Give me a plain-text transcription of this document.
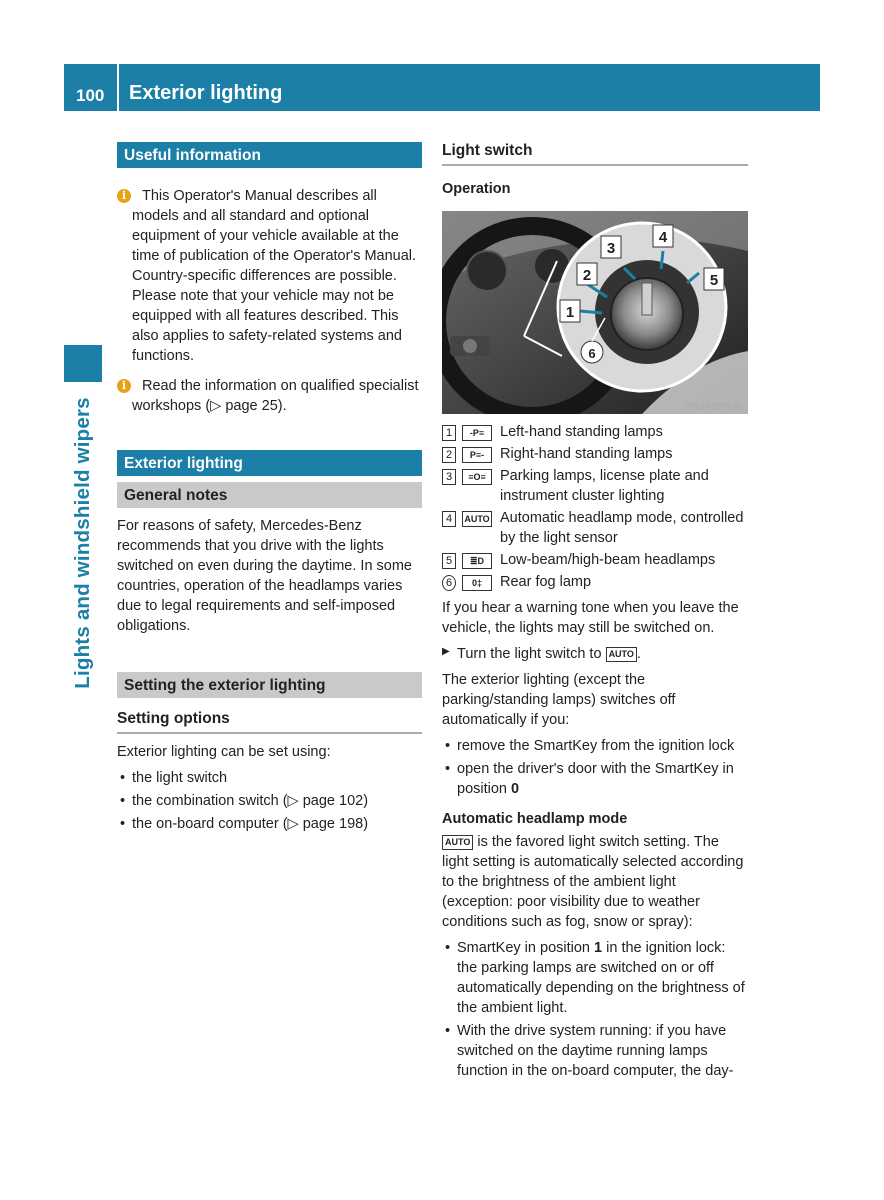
100 Exterior lighting
Lights and windshield wipers
Useful information
i	This Operator's Manual describes all models and all standard and optional equipment of your vehicle available at the time of publication of the Operator's Manual. Country-specific differences are possible. Please note that your vehicle may not be equipped with all features described. This also applies to safety-related systems and functions.

i	Read the information on qualified specialist workshops (▷ page 25).

Exterior lighting
General notes

For reasons of safety, Mercedes-Benz recommends that you drive with the lights switched on even during the daytime. In some countries, operation of the headlamps varies due to legal requirements and self-imposed obligations.

Setting the exterior lighting
Setting options

Exterior lighting can be set using:

• the light switch

• the combination switch (▷ page 102)

• the on-board computer (▷ page 198)

Light switch
Operation
3
4
5
2
1
6
P82.10-9999-31
1	-P≡	Left-hand standing lamps
2	P≡-	Right-hand standing lamps
3	≡O≡ Parking lamps, license plate and instrument cluster lighting
4	AUTO Automatic headlamp mode, controlled by the light sensor
5	≣D	Low-beam/high-beam headlamps
6	0‡	Rear fog lamp

If you hear a warning tone when you leave the vehicle, the lights may still be switched on.

▶ Turn the light switch to AUTO .

The exterior lighting (except the parking/standing lamps) switches off automatically if you:

• remove the SmartKey from the ignition lock

• open the driver's door with the SmartKey in position 0

Automatic headlamp mode

AUTO is the favored light switch setting. The light setting is automatically selected according to the brightness of the ambient light (exception: poor visibility due to weather conditions such as fog, snow or spray):

• SmartKey in position 1 in the ignition lock: the parking lamps are switched on or off automatically depending on the brightness of the ambient light.

• With the drive system running: if you have switched on the daytime running lamps function in the on-board computer, the day-
